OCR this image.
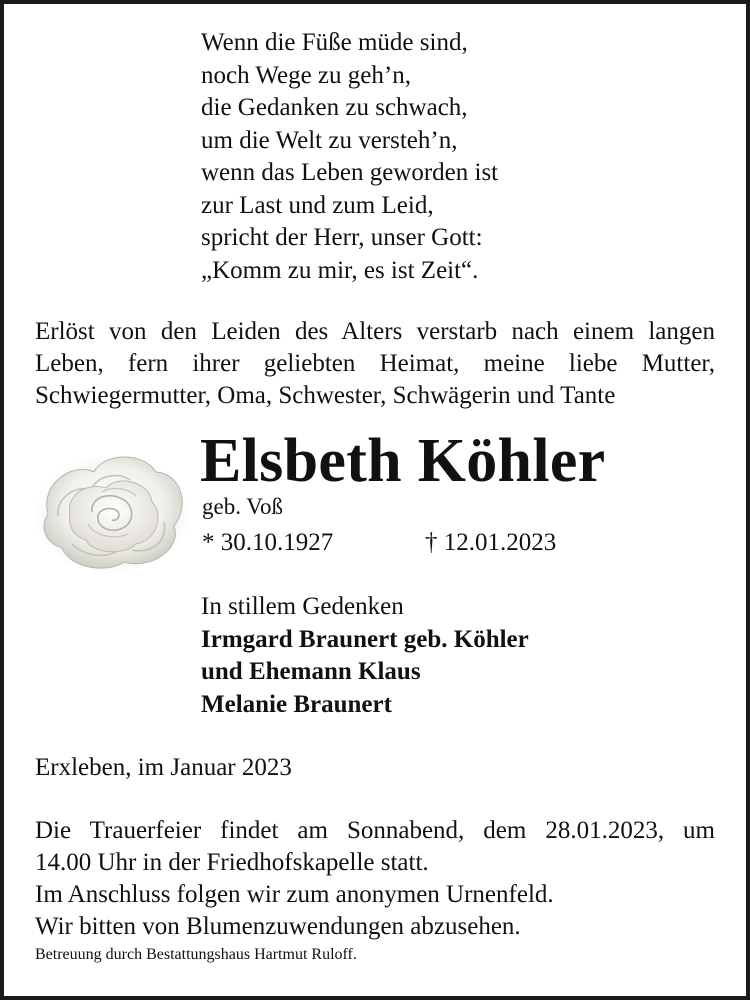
Wenn die Füße müde sind,
noch Wege zu geh’n,
die Gedanken zu schwach,
um die Welt zu versteh’n,
wenn das Leben geworden ist
zur Last und zum Leid,
spricht der Herr, unser Gott:
„Komm zu mir, es ist Zeit“.
Erlöst von den Leiden des Alters verstarb nach einem langen
Leben, fern ihrer geliebten Heimat, meine liebe Mutter,
Schwiegermutter, Oma, Schwester, Schwägerin und Tante
Elsbeth Köhler
geb. Voß
* 30.10.1927	† 12.01.2023
In stillem Gedenken
Irmgard Braunert geb. Köhler
und Ehemann Klaus
Melanie Braunert
Erxleben, im Januar 2023
Die Trauerfeier findet am Sonnabend, dem 28.01.2023, um
14.00 Uhr in der Friedhofskapelle statt.
Im Anschluss folgen wir zum anonymen Urnenfeld.
Wir bitten von Blumenzuwendungen abzusehen.
Betreuung durch Bestattungshaus Hartmut Ruloff.
